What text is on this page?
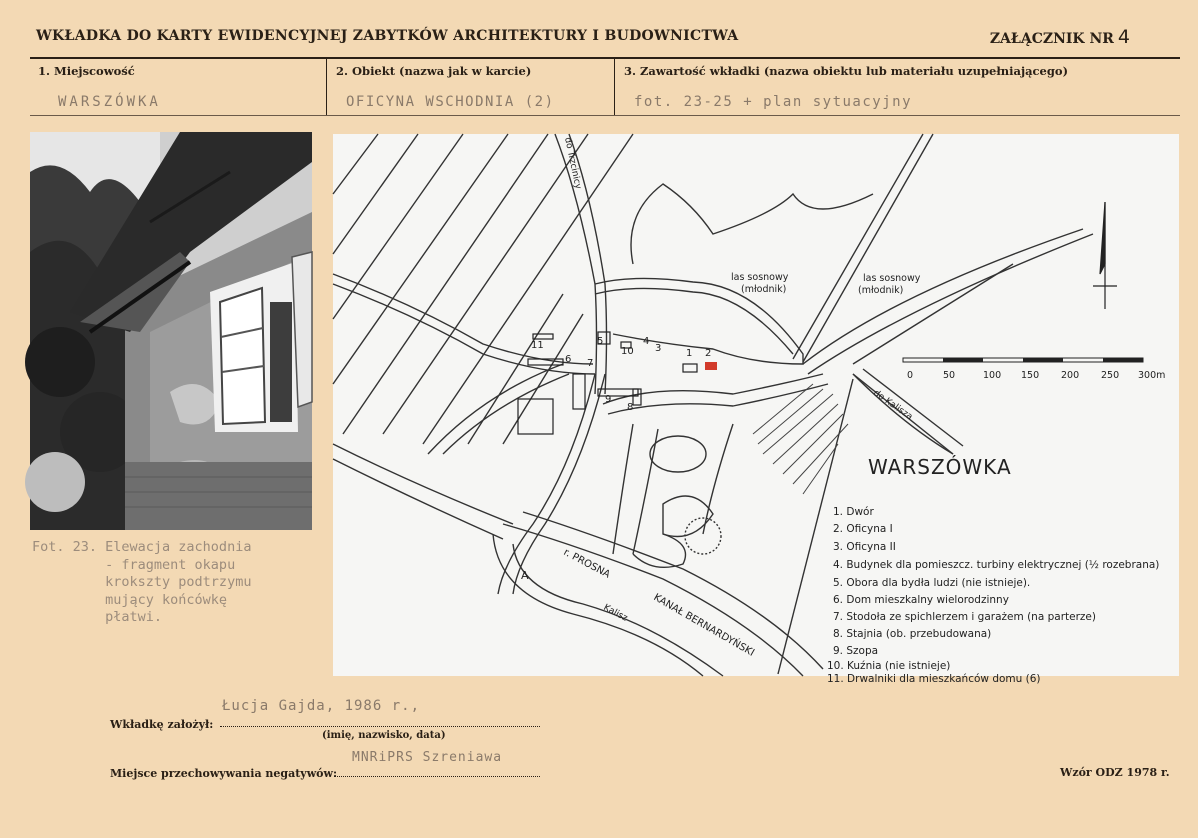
WKŁADKA DO KARTY EWIDENCYJNEJ ZABYTKÓW ARCHITEKTURY I BUDOWNICTWA	ZAŁĄCZNIK NR 4
1. Miejscowość	2. Obiekt (nazwa jak w karcie)	3. Zawartość wkładki (nazwa obiektu lub materiału uzupełniającego)
WARSZÓWKA	OFICYNA WSCHODNIA (2)	fot. 23-25 + plan sytuacyjny
Fot. 23. Elewacja zachodnia
- fragment okapu
krokszty podtrzymu
mujący końcówkę
płatwi.
1 2
3
4
5
6 7
8
9
10
11
do Trzcinicy
las sosnowy
(młodnik)
las sosnowy
(młodnik)
do Kalisza
r. PROSNA
KANAŁ BERNARDYŃSKI
Kalisz
A
WARSZÓWKA
0	50	100 150 200 250 300m
1. Dwór
2. Oficyna I
3. Oficyna II
4. Budynek dla pomieszcz. turbiny elektrycznej (½ rozebrana)
5. Obora dla bydła ludzi (nie istnieje).
6. Dom mieszkalny wielorodzinny
7. Stodoła ze spichlerzem i garażem (na parterze)
8. Stajnia (ob. przebudowana)
9. Szopa
10. Kuźnia (nie istnieje)
11. Drwalniki dla mieszkańców domu (6)
Wkładkę założył:
Łucja Gajda, 1986 r.,
(imię, nazwisko, data)
Miejsce przechowywania negatywów:
MNRiPRS Szreniawa
Wzór ODZ 1978 r.
